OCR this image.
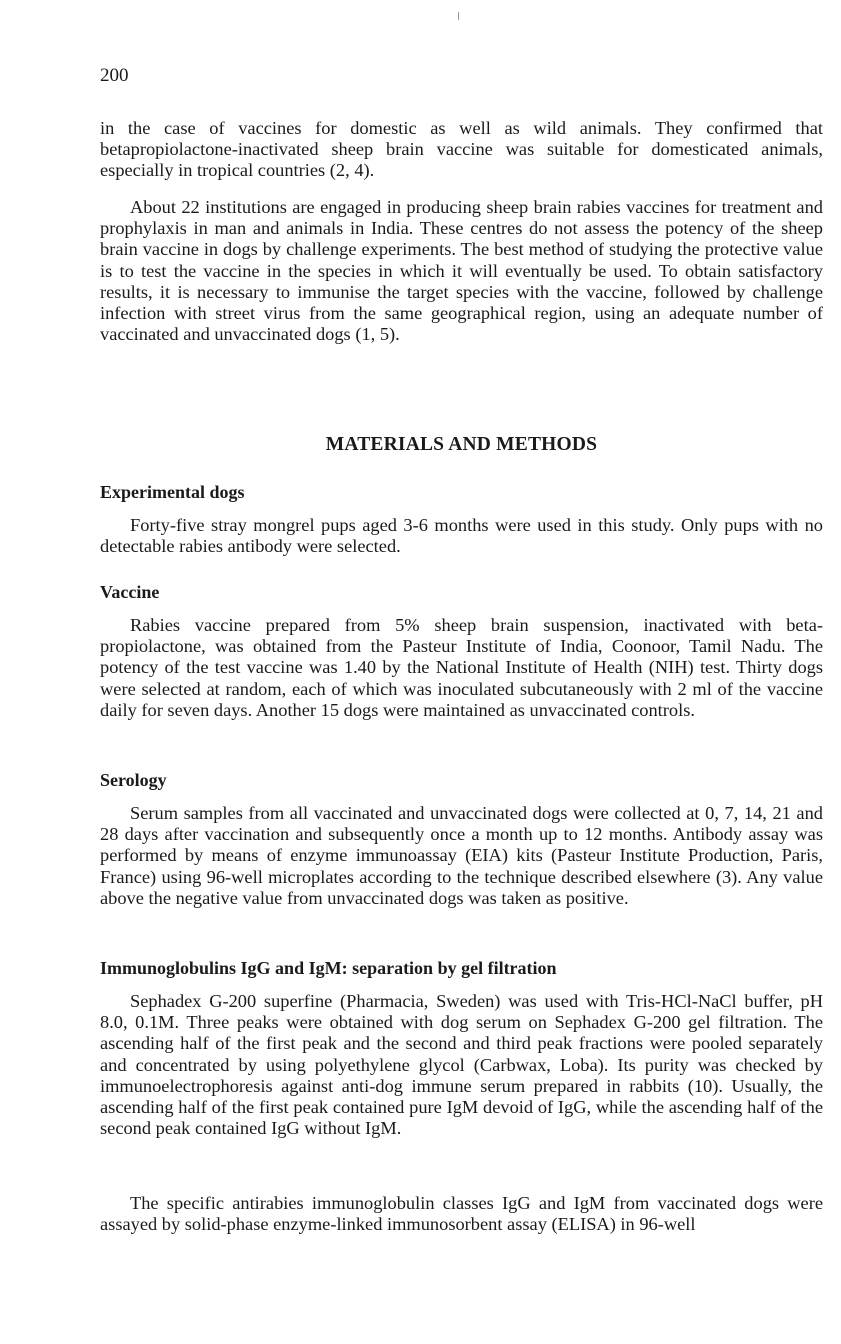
200

in the case of vaccines for domestic as well as wild animals. They confirmed that betapropiolactone-inactivated sheep brain vaccine was suitable for domesticated animals, especially in tropical countries (2, 4).

About 22 institutions are engaged in producing sheep brain rabies vaccines for treatment and prophylaxis in man and animals in India. These centres do not assess the potency of the sheep brain vaccine in dogs by challenge experiments. The best method of studying the protective value is to test the vaccine in the species in which it will eventually be used. To obtain satisfactory results, it is necessary to immunise the target species with the vaccine, followed by challenge infection with street virus from the same geographical region, using an adequate number of vaccinated and unvaccinated dogs (1, 5).

MATERIALS AND METHODS
Experimental dogs

Forty-five stray mongrel pups aged 3-6 months were used in this study. Only pups with no detectable rabies antibody were selected.

Vaccine

Rabies vaccine prepared from 5% sheep brain suspension, inactivated with beta-propiolactone, was obtained from the Pasteur Institute of India, Coonoor, Tamil Nadu. The potency of the test vaccine was 1.40 by the National Institute of Health (NIH) test. Thirty dogs were selected at random, each of which was inoculated subcutaneously with 2 ml of the vaccine daily for seven days. Another 15 dogs were maintained as unvaccinated controls.

Serology

Serum samples from all vaccinated and unvaccinated dogs were collected at 0, 7, 14, 21 and 28 days after vaccination and subsequently once a month up to 12 months. Antibody assay was performed by means of enzyme immunoassay (EIA) kits (Pasteur Institute Production, Paris, France) using 96-well microplates according to the technique described elsewhere (3). Any value above the negative value from unvaccinated dogs was taken as positive.

Immunoglobulins IgG and IgM: separation by gel filtration

Sephadex G-200 superfine (Pharmacia, Sweden) was used with Tris-HCl-NaCl buffer, pH 8.0, 0.1M. Three peaks were obtained with dog serum on Sephadex G-200 gel filtration. The ascending half of the first peak and the second and third peak fractions were pooled separately and concentrated by using polyethylene glycol (Carbwax, Loba). Its purity was checked by immunoelectrophoresis against anti-dog immune serum prepared in rabbits (10). Usually, the ascending half of the first peak contained pure IgM devoid of IgG, while the ascending half of the second peak contained IgG without IgM.

The specific antirabies immunoglobulin classes IgG and IgM from vaccinated dogs were assayed by solid-phase enzyme-linked immunosorbent assay (ELISA) in 96-well
